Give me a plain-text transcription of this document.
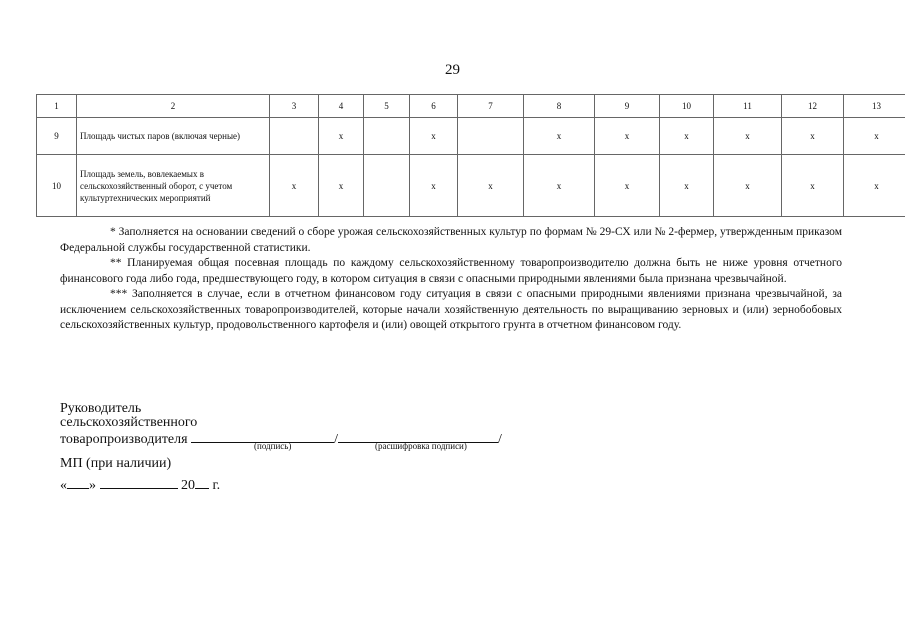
29
1	2	3	4	5	6	7	8	9	10	11	12	13
9	Площадь чистых паров (включая черные)		x		x		x	x	x	x	x	x
10	Площадь земель, вовлекаемых в сельскохозяйственный оборот, с учетом культуртехнических мероприятий	x	x		x	x	x	x	x	x	x	x

* Заполняется на основании сведений о сборе урожая сельскохозяйственных культур по формам № 29-СХ или № 2-фермер, утвержденным приказом Федеральной службы государственной статистики.

** Планируемая общая посевная площадь по каждому сельскохозяйственному товаропроизводителю должна быть не ниже уровня отчетного финансового года либо года, предшествующего году, в котором ситуация в связи с опасными природными явлениями была признана чрезвычайной.

*** Заполняется в случае, если в отчетном финансовом году ситуация в связи с опасными природными явлениями признана чрезвычайной, за исключением сельскохозяйственных товаропроизводителей, которые начали хозяйственную деятельность по выращиванию зерновых и (или) зернобобовых сельскохозяйственных культур, продовольственного картофеля и (или) овощей открытого грунта в отчетном финансовом году.

Руководитель
сельскохозяйственного
товаропроизводителя	/	/
(подпись)	(расшифровка подписи)
МП (при наличии)
« »	20 г.
